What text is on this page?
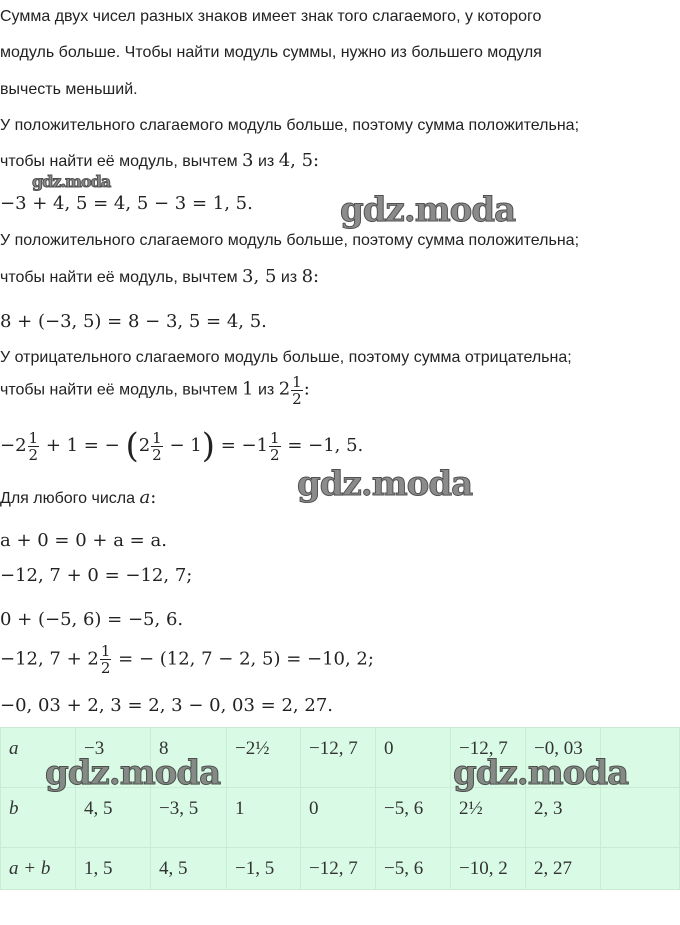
Сумма двух чисел разных знаков имеет знак того слагаемого, у которого
модуль больше. Чтобы найти модуль суммы, нужно из большего модуля
вычесть меньший.
У положительного слагаемого модуль больше, поэтому сумма положительна;
чтобы найти её модуль, вычтем 3 из 4, 5:
gdz.moda
−3 + 4, 5 = 4, 5 − 3 = 1, 5.	gdz.moda
У положительного слагаемого модуль больше, поэтому сумма положительна;
чтобы найти её модуль, вычтем 3, 5 из 8:
8 + (−3, 5) = 8 − 3, 5 = 4, 5.
У отрицательного слагаемого модуль больше, поэтому сумма отрицательна;
чтобы найти её модуль, вычтем 1 из $2 \frac{1}{2}$ :
$-2 \frac{1}{2} + 1$ = − $(2 \frac{1}{2} - 1) = -1 \frac{1}{2} = -1$, 5.
gdz.moda
Для любого числа a:
a + 0 = 0 + a = a.
−12, 7 + 0 = −12, 7;
0 + (−5, 6) = −5, 6.
−12, $7 + 2 \frac{1}{2}$ = − (12, 7 − 2, 5) = −10, 2;
−0, 03 + 2, 3 = 2, 3 − 0, 03 = 2, 27.
a	−3	8	−2½	−12, 7	0	−12, 7	−0, 03	
b	4, 5	−3, 5	1	0	−5, 6	2½	2, 3	
a + b	1, 5	4, 5	−1, 5	−12, 7	−5, 6	−10, 2	2, 27	
gdz.moda	gdz.moda
